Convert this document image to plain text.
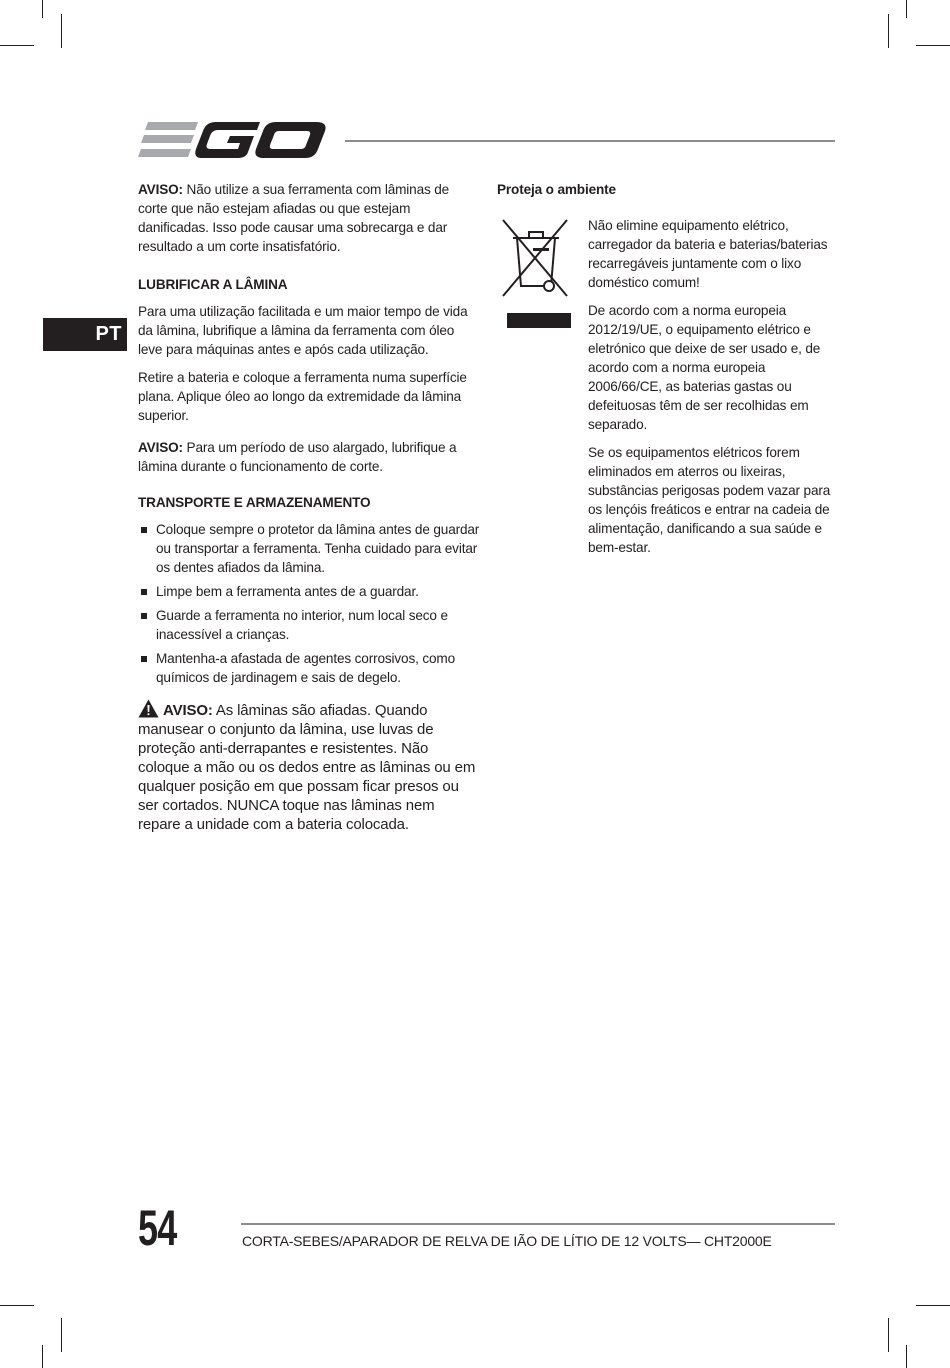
PT

AVISO: Não utilize a sua ferramenta com lâminas de corte que não estejam afiadas ou que estejam danificadas. Isso pode causar uma sobrecarga e dar resultado a um corte insatisfatório.

LUBRIFICAR A LÂMINA

Para uma utilização facilitada e um maior tempo de vida da lâmina, lubrifique a lâmina da ferramenta com óleo leve para máquinas antes e após cada utilização.

Retire a bateria e coloque a ferramenta numa superfície plana. Aplique óleo ao longo da extremidade da lâmina superior.

AVISO: Para um período de uso alargado, lubrifique a lâmina durante o funcionamento de corte.

TRANSPORTE E ARMAZENAMENTO
Coloque sempre o protetor da lâmina antes de guardar ou transportar a ferramenta. Tenha cuidado para evitar os dentes afiados da lâmina.
Limpe bem a ferramenta antes de a guardar.
Guarde a ferramenta no interior, num local seco e inacessível a crianças.
Mantenha-a afastada de agentes corrosivos, como químicos de jardinagem e sais de degelo.

AVISO: As lâminas são afiadas. Quando manusear o conjunto da lâmina, use luvas de proteção anti-derrapantes e resistentes. Não coloque a mão ou os dedos entre as lâminas ou em qualquer posição em que possam ficar presos ou ser cortados. NUNCA toque nas lâminas nem repare a unidade com a bateria colocada.

Proteja o ambiente

Não elimine equipamento elétrico, carregador da bateria e baterias/baterias recarregáveis juntamente com o lixo doméstico comum!

De acordo com a norma europeia 2012/19/UE, o equipamento elétrico e eletrónico que deixe de ser usado e, de acordo com a norma europeia 2006/66/CE, as baterias gastas ou defeituosas têm de ser recolhidas em separado.

Se os equipamentos elétricos forem eliminados em aterros ou lixeiras, substâncias perigosas podem vazar para os lençóis freáticos e entrar na cadeia de alimentação, danificando a sua saúde e bem-estar.

54	CORTA-SEBES/APARADOR DE RELVA DE IÃO DE LÍTIO DE 12 VOLTS— CHT2000E
